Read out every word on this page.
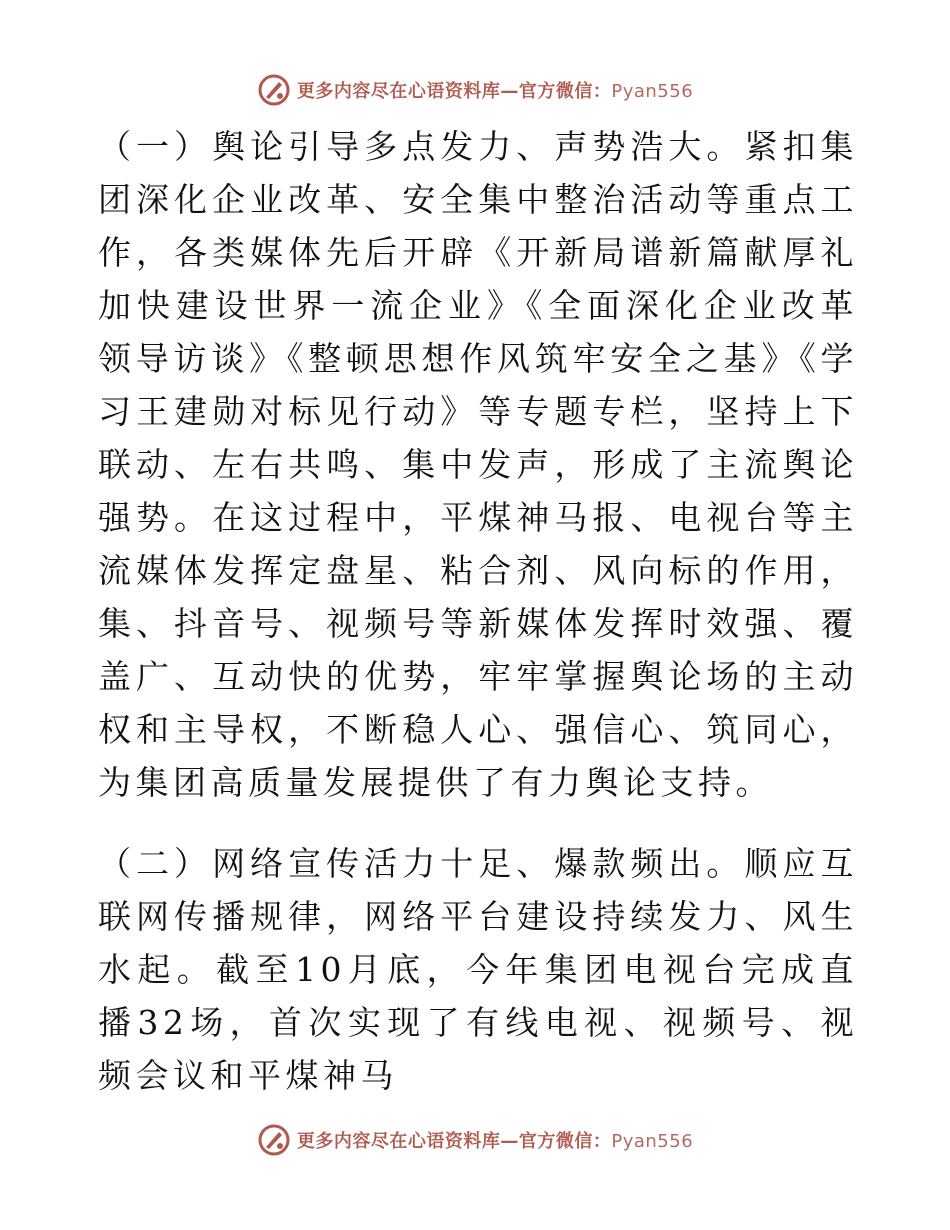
更多内容尽在心语资料库—官方微信：Pyan556

（一）舆论引导多点发力、声势浩大。紧扣集团深化企业改革、安全集中整治活动等重点工作，各类媒体先后开辟《开新局谱新篇献厚礼加快建设世界一流企业》《全面深化企业改革领导访谈》《整顿思想作风筑牢安全之基》《学习王建勋对标见行动》等专题专栏，坚持上下联动、左右共鸣、集中发声，形成了主流舆论强势。在这过程中，平煤神马报、电视台等主流媒体发挥定盘星、粘合剂、风向标的作用，集、抖音号、视频号等新媒体发挥时效强、覆盖广、互动快的优势，牢牢掌握舆论场的主动权和主导权，不断稳人心、强信心、筑同心，为集团高质量发展提供了有力舆论支持。

（二）网络宣传活力十足、爆款频出。顺应互联网传播规律，网络平台建设持续发力、风生水起。截至10月底，今年集团电视台完成直播32场，首次实现了有线电视、视频号、视频会议和平煤神马

更多内容尽在心语资料库—官方微信：Pyan556
